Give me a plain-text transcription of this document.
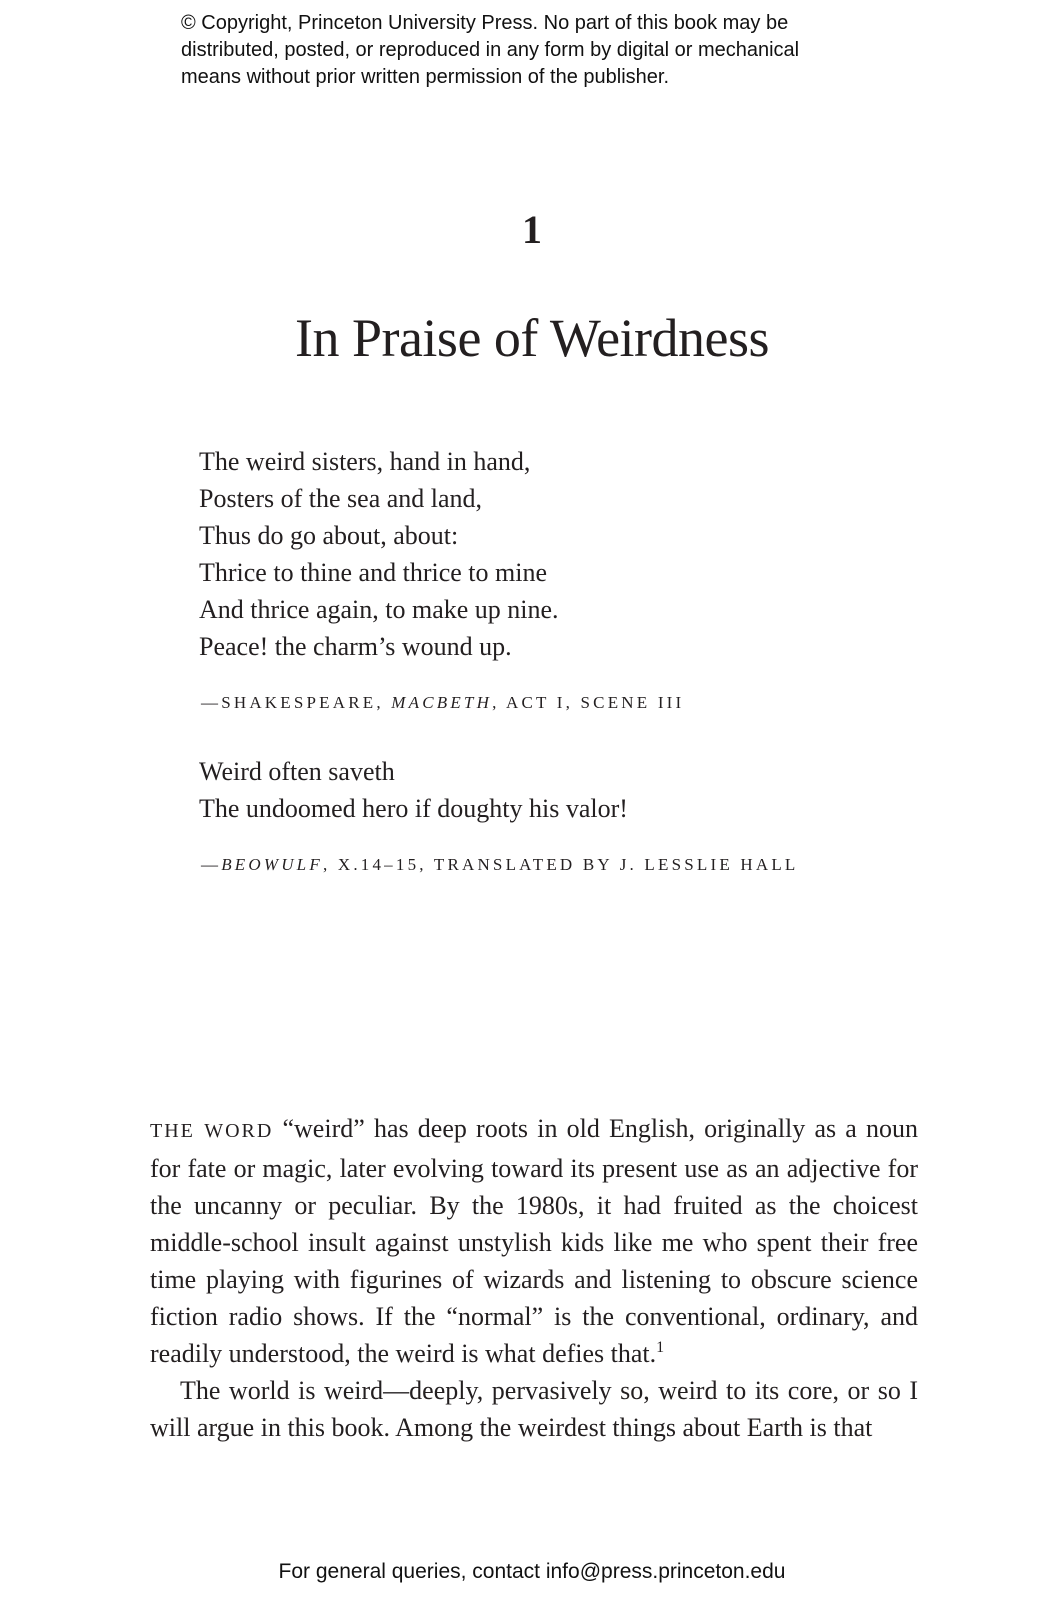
© Copyright, Princeton University Press. No part of this book may be
distributed, posted, or reproduced in any form by digital or mechanical
means without prior written permission of the publisher.
1
In Praise of Weirdness
The weird sisters, hand in hand,
Posters of the sea and land,
Thus do go about, about:
Thrice to thine and thrice to mine
And thrice again, to make up nine.
Peace! the charm’s wound up.
—SHAKESPEARE, MACBETH, ACT I, SCENE III
Weird often saveth
The undoomed hero if doughty his valor!
—BEOWULF, X.14–15, TRANSLATED BY J. LESSLIE HALL

THE WORD “weird” has deep roots in old English, originally as a noun for fate or magic, later evolving toward its present use as an adjective for the uncanny or peculiar. By the 1980s, it had fruited as the choicest middle-school insult against unstylish kids like me who spent their free time playing with figurines of wizards and listening to obscure science fiction radio shows. If the “normal” is the conventional, ordinary, and readily understood, the weird is what defies that.$^1$

The world is weird—deeply, pervasively so, weird to its core, or so I will argue in this book. Among the weirdest things about Earth is that

For general queries, contact info@press.princeton.edu
